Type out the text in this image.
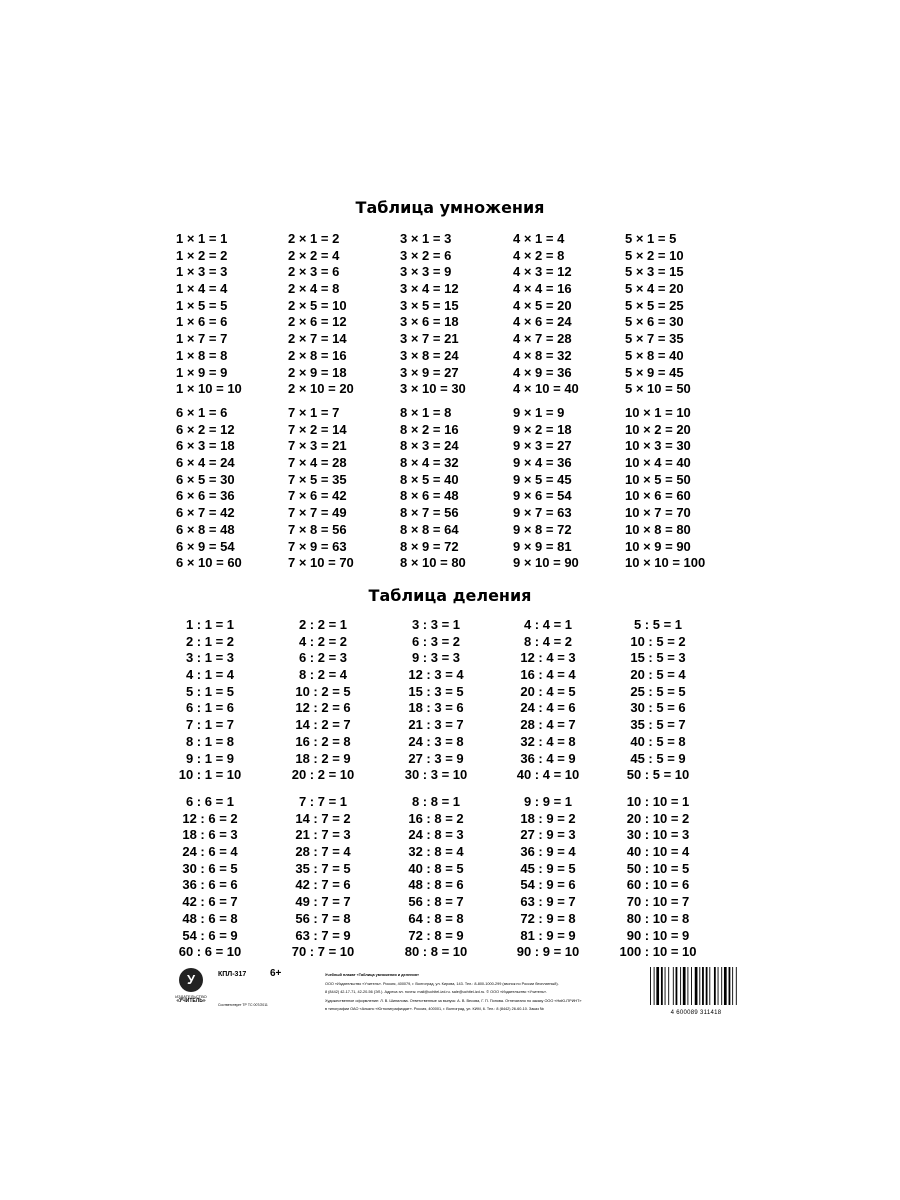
Таблица умножения
1 × 1 = 1
1 × 2 = 2
1 × 3 = 3
1 × 4 = 4
1 × 5 = 5
1 × 6 = 6
1 × 7 = 7
1 × 8 = 8
1 × 9 = 9
1 × 10 = 10
2 × 1 = 2
2 × 2 = 4
2 × 3 = 6
2 × 4 = 8
2 × 5 = 10
2 × 6 = 12
2 × 7 = 14
2 × 8 = 16
2 × 9 = 18
2 × 10 = 20
3 × 1 = 3
3 × 2 = 6
3 × 3 = 9
3 × 4 = 12
3 × 5 = 15
3 × 6 = 18
3 × 7 = 21
3 × 8 = 24
3 × 9 = 27
3 × 10 = 30
4 × 1 = 4
4 × 2 = 8
4 × 3 = 12
4 × 4 = 16
4 × 5 = 20
4 × 6 = 24
4 × 7 = 28
4 × 8 = 32
4 × 9 = 36
4 × 10 = 40
5 × 1 = 5
5 × 2 = 10
5 × 3 = 15
5 × 4 = 20
5 × 5 = 25
5 × 6 = 30
5 × 7 = 35
5 × 8 = 40
5 × 9 = 45
5 × 10 = 50
6 × 1 = 6
6 × 2 = 12
6 × 3 = 18
6 × 4 = 24
6 × 5 = 30
6 × 6 = 36
6 × 7 = 42
6 × 8 = 48
6 × 9 = 54
6 × 10 = 60
7 × 1 = 7
7 × 2 = 14
7 × 3 = 21
7 × 4 = 28
7 × 5 = 35
7 × 6 = 42
7 × 7 = 49
7 × 8 = 56
7 × 9 = 63
7 × 10 = 70
8 × 1 = 8
8 × 2 = 16
8 × 3 = 24
8 × 4 = 32
8 × 5 = 40
8 × 6 = 48
8 × 7 = 56
8 × 8 = 64
8 × 9 = 72
8 × 10 = 80
9 × 1 = 9
9 × 2 = 18
9 × 3 = 27
9 × 4 = 36
9 × 5 = 45
9 × 6 = 54
9 × 7 = 63
9 × 8 = 72
9 × 9 = 81
9 × 10 = 90
10 × 1 = 10
10 × 2 = 20
10 × 3 = 30
10 × 4 = 40
10 × 5 = 50
10 × 6 = 60
10 × 7 = 70
10 × 8 = 80
10 × 9 = 90
10 × 10 = 100
Таблица деления
1 : 1 = 1
2 : 1 = 2
3 : 1 = 3
4 : 1 = 4
5 : 1 = 5
6 : 1 = 6
7 : 1 = 7
8 : 1 = 8
9 : 1 = 9
10 : 1 = 10
2 : 2 = 1
4 : 2 = 2
6 : 2 = 3
8 : 2 = 4
10 : 2 = 5
12 : 2 = 6
14 : 2 = 7
16 : 2 = 8
18 : 2 = 9
20 : 2 = 10
3 : 3 = 1
6 : 3 = 2
9 : 3 = 3
12 : 3 = 4
15 : 3 = 5
18 : 3 = 6
21 : 3 = 7
24 : 3 = 8
27 : 3 = 9
30 : 3 = 10
4 : 4 = 1
8 : 4 = 2
12 : 4 = 3
16 : 4 = 4
20 : 4 = 5
24 : 4 = 6
28 : 4 = 7
32 : 4 = 8
36 : 4 = 9
40 : 4 = 10
5 : 5 = 1
10 : 5 = 2
15 : 5 = 3
20 : 5 = 4
25 : 5 = 5
30 : 5 = 6
35 : 5 = 7
40 : 5 = 8
45 : 5 = 9
50 : 5 = 10
6 : 6 = 1
12 : 6 = 2
18 : 6 = 3
24 : 6 = 4
30 : 6 = 5
36 : 6 = 6
42 : 6 = 7
48 : 6 = 8
54 : 6 = 9
60 : 6 = 10
7 : 7 = 1
14 : 7 = 2
21 : 7 = 3
28 : 7 = 4
35 : 7 = 5
42 : 7 = 6
49 : 7 = 7
56 : 7 = 8
63 : 7 = 9
70 : 7 = 10
8 : 8 = 1
16 : 8 = 2
24 : 8 = 3
32 : 8 = 4
40 : 8 = 5
48 : 8 = 6
56 : 8 = 7
64 : 8 = 8
72 : 8 = 9
80 : 8 = 10
9 : 9 = 1
18 : 9 = 2
27 : 9 = 3
36 : 9 = 4
45 : 9 = 5
54 : 9 = 6
63 : 9 = 7
72 : 9 = 8
81 : 9 = 9
90 : 9 = 10
10 : 10 = 1
20 : 10 = 2
30 : 10 = 3
40 : 10 = 4
50 : 10 = 5
60 : 10 = 6
70 : 10 = 7
80 : 10 = 8
90 : 10 = 9
100 : 10 = 10
У
ИЗДАТЕЛЬСТВО
«УЧИТЕЛЬ»
КПЛ-317 6+
Соответствует ТР ТС 007/2011
Учебный плакат «Таблица умножения и деления»
ООО «Издательство «Учитель». Россия, 400079, г. Волгоград, ул. Кирова, 143. Тел.: 8-800-1000-299 (звонок по России бесплатный).
8 (8442) 42-17-71, 42-20-56 (ЭЛ.). Адреса эл. почты: mail@uchitel-izd.ru. sale@uchitel-izd.ru. © ООО «Издательство «Учитель».
Художественное оформление: Л. В. Шипилова. Ответственные за выпуск: А. В. Весова, Г. П. Попова. Отпечатано по заказу ООО «НиЮ-ПРИНТ»
в типографии ОАО «Альянс «Югполиграфиздат». Россия, 400001, г. Волгоград, ул. КИМ, 6. Тел.: 8 (8442) 26-60-10. Заказ №
4 600089 311418
